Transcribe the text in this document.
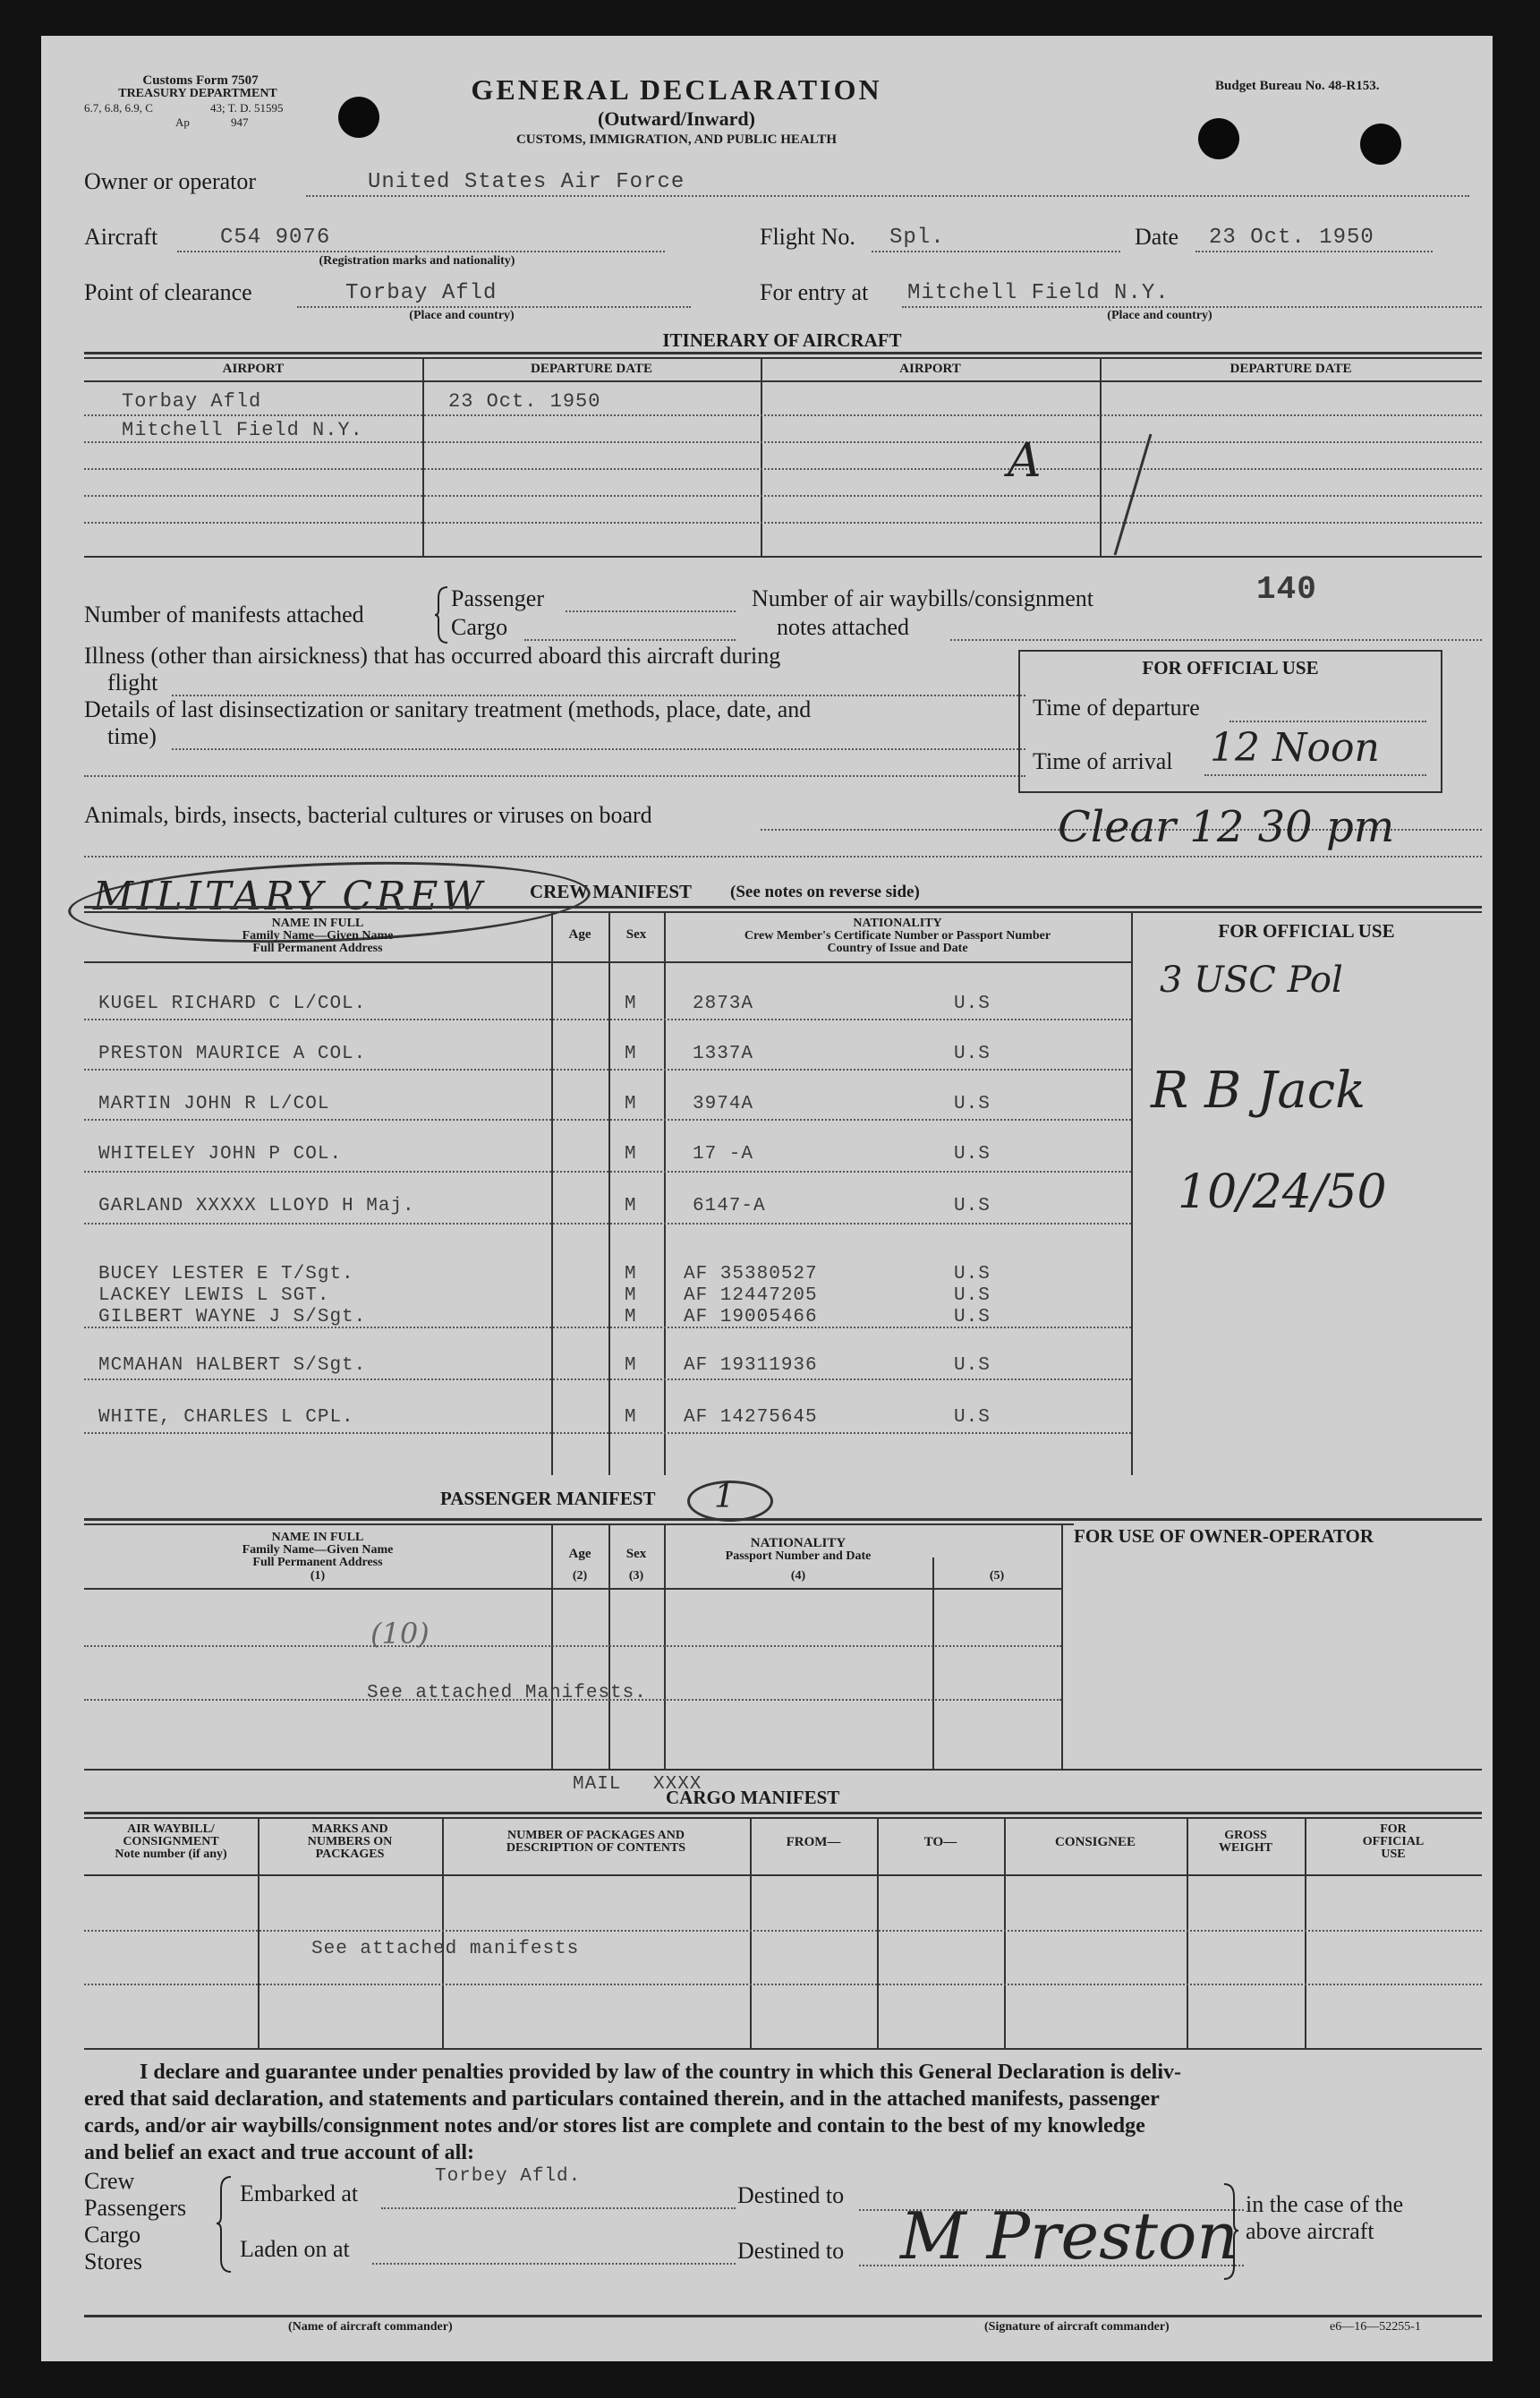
Customs Form 7507
TREASURY DEPARTMENT
6.7, 6.8, 6.9, C	43; T. D. 51595
Ap	947
GENERAL DECLARATION
(Outward/Inward)
CUSTOMS, IMMIGRATION, AND PUBLIC HEALTH
Budget Bureau No. 48-R153.
Owner or operator	United States Air Force
Aircraft	C54 9076
(Registration marks and nationality)
Flight No. Spl.	Date 23 Oct. 1950
Point of clearance	Torbay Afld
(Place and country)
For entry at Mitchell Field N.Y.
(Place and country)
ITINERARY OF AIRCRAFT
AIRPORT	DEPARTURE DATE	AIRPORT	DEPARTURE DATE
Torbay Afld	23 Oct. 1950
Mitchell Field N.Y.
A
Number of manifests attached
Passenger
Cargo
Number of air waybills/consignment
notes attached
140
Illness (other than airsickness) that has occurred aboard this aircraft during
flight
Details of last disinsectization or sanitary treatment (methods, place, date, and
time)
Animals, birds, insects, bacterial cultures or viruses on board
FOR OFFICIAL USE
Time of departure
Time of arrival 12 Noon
Clear 12 30 pm
MILITARY CREW CREW MANIFEST (See notes on reverse side)
NAME IN FULL
Family Name—Given Name
Full Permanent Address
Age	Sex
NATIONALITY
Crew Member's Certificate Number or Passport Number
Country of Issue and Date
FOR OFFICIAL USE
3 USC Pol
R B Jack
10/24/50
KUGEL RICHARD C L/COL.	M	2873A	U.S
PRESTON MAURICE A COL.	M	1337A	U.S
MARTIN JOHN R L/COL	M	3974A	U.S
WHITELEY JOHN P COL.	M	17 -A	U.S
GARLAND XXXXX LLOYD H Maj.	M	6147-A	U.S
BUCEY LESTER E T/Sgt.	M AF 35380527	U.S
LACKEY LEWIS L SGT.	M AF 12447205	U.S
GILBERT WAYNE J S/Sgt.	M AF 19005466	U.S
MCMAHAN HALBERT S/Sgt.	M AF 19311936	U.S
WHITE, CHARLES L CPL.	M AF 14275645	U.S
PASSENGER MANIFEST 1
NAME IN FULL
Family Name—Given Name
Full Permanent Address
(1)
Age
(2)
Sex
(3)
NATIONALITY
Passport Number and Date
(4)	(5)
FOR USE OF OWNER-OPERATOR
(10)
See attached Manifests.
MAIL XXXX
CARGO MANIFEST
AIR WAYBILL/
CONSIGNMENT
Note number (if any)
MARKS AND
NUMBERS ON
PACKAGES
NUMBER OF PACKAGES AND
DESCRIPTION OF CONTENTS	FROM—	TO—	CONSIGNEE	GROSS
WEIGHT
FOR
OFFICIAL
USE
See attached manifests
I declare and guarantee under penalties provided by law of the country in which this General Declaration is deliv-
ered that said declaration, and statements and particulars contained therein, and in the attached manifests, passenger
cards, and/or air waybills/consignment notes and/or stores list are complete and contain to the best of my knowledge
and belief an exact and true account of all:
Crew
Passengers
Cargo
Stores
Embarked at
Torbey Afld.
Laden on at
Destined to
Destined to
in the case of the
above aircraft
M Preston
(Name of aircraft commander)	(Signature of aircraft commander)	e6—16—52255-1
